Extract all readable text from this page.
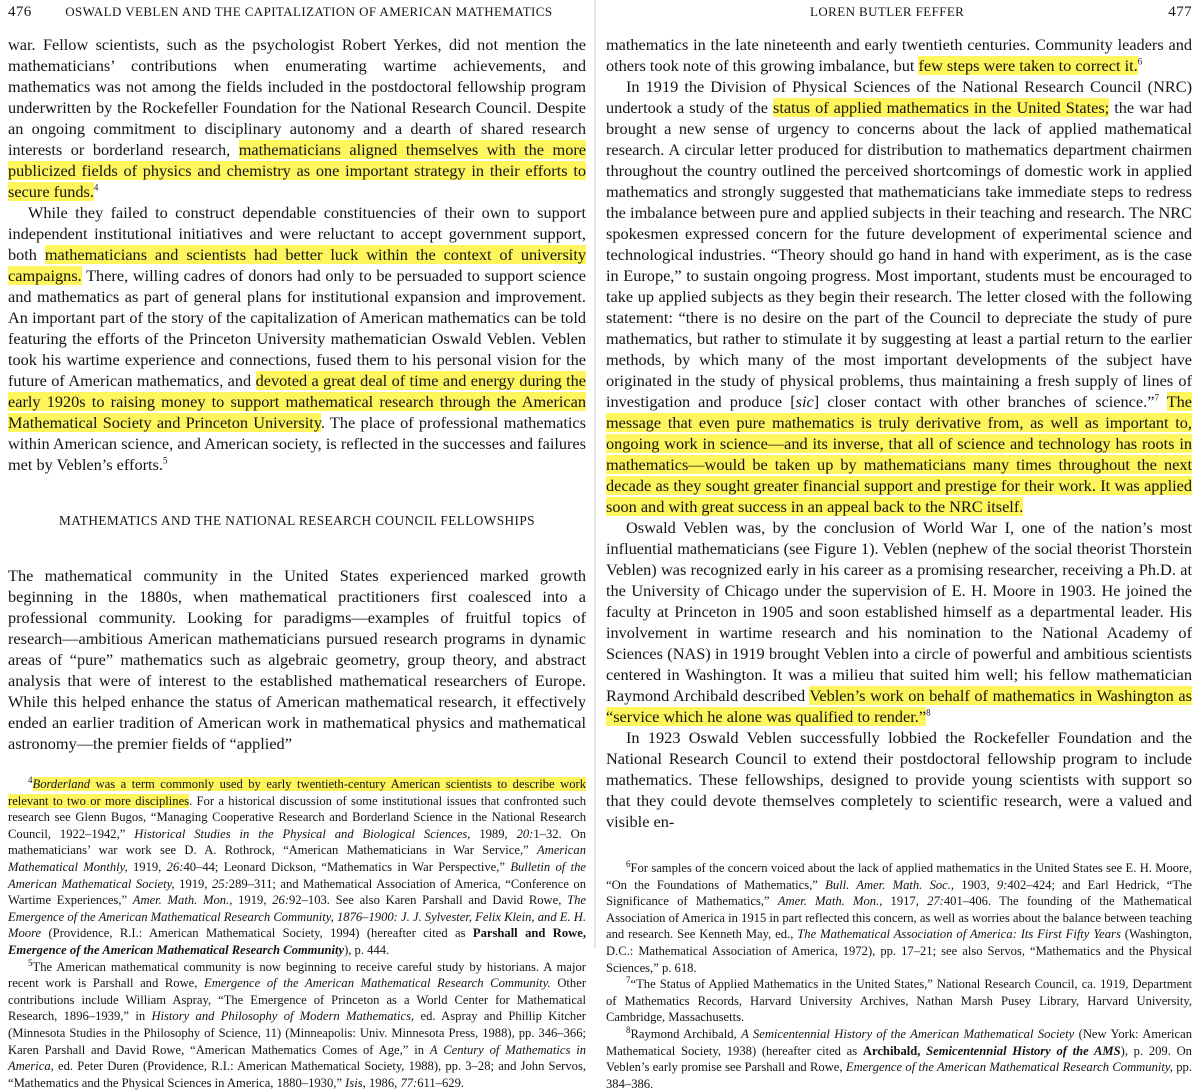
476	OSWALD VEBLEN AND THE CAPITALIZATION OF AMERICAN MATHEMATICS

war. Fellow scientists, such as the psychologist Robert Yerkes, did not mention the mathematicians’ contributions when enumerating wartime achievements, and mathematics was not among the fields included in the postdoctoral fellowship program underwritten by the Rockefeller Foundation for the National Research Council. Despite an ongoing commitment to disciplinary autonomy and a dearth of shared research interests or borderland research, mathematicians aligned themselves with the more publicized fields of physics and chemistry as one important strategy in their efforts to secure funds.$^4$

While they failed to construct dependable constituencies of their own to support independent institutional initiatives and were reluctant to accept government support, both mathematicians and scientists had better luck within the context of university campaigns. There, willing cadres of donors had only to be persuaded to support science and mathematics as part of general plans for institutional expansion and improvement. An important part of the story of the capitalization of American mathematics can be told featuring the efforts of the Princeton University mathematician Oswald Veblen. Veblen took his wartime experience and connections, fused them to his personal vision for the future of American mathematics, and devoted a great deal of time and energy during the early 1920s to raising money to support mathematical research through the American Mathematical Society and Princeton University. The place of professional mathematics within American science, and American society, is reflected in the successes and failures met by Veblen’s efforts.$^5$

MATHEMATICS AND THE NATIONAL RESEARCH COUNCIL FELLOWSHIPS

The mathematical community in the United States experienced marked growth beginning in the 1880s, when mathematical practitioners first coalesced into a professional community. Looking for paradigms—examples of fruitful topics of research—ambitious American mathematicians pursued research programs in dynamic areas of “pure” mathematics such as algebraic geometry, group theory, and abstract analysis that were of interest to the established mathematical researchers of Europe. While this helped enhance the status of American mathematical research, it effectively ended an earlier tradition of American work in mathematical physics and mathematical astronomy—the premier fields of “applied”

$^4$Borderland was a term commonly used by early twentieth-century American scientists to describe work relevant to two or more disciplines. For a historical discussion of some institutional issues that confronted such research see Glenn Bugos, “Managing Cooperative Research and Borderland Science in the National Research Council, 1922–1942,” Historical Studies in the Physical and Biological Sciences, 1989, 20:1–32. On mathematicians’ war work see D. A. Rothrock, “American Mathematicians in War Service,” American Mathematical Monthly, 1919, 26:40–44; Leonard Dickson, “Mathematics in War Perspective,” Bulletin of the American Mathematical Society, 1919, 25:289–311; and Mathematical Association of America, “Conference on Wartime Experiences,” Amer. Math. Mon., 1919, 26:92–103. See also Karen Parshall and David Rowe, The Emergence of the American Mathematical Research Community, 1876–1900: J. J. Sylvester, Felix Klein, and E. H. Moore (Providence, R.I.: American Mathematical Society, 1994) (hereafter cited as Parshall and Rowe, Emergence of the American Mathematical Research Community), p. 444.

$^5$The American mathematical community is now beginning to receive careful study by historians. A major recent work is Parshall and Rowe, Emergence of the American Mathematical Research Community. Other contributions include William Aspray, “The Emergence of Princeton as a World Center for Mathematical Research, 1896–1939,” in History and Philosophy of Modern Mathematics, ed. Aspray and Phillip Kitcher (Minnesota Studies in the Philosophy of Science, 11) (Minneapolis: Univ. Minnesota Press, 1988), pp. 346–366; Karen Parshall and David Rowe, “American Mathematics Comes of Age,” in A Century of Mathematics in America, ed. Peter Duren (Providence, R.I.: American Mathematical Society, 1988), pp. 3–28; and John Servos, “Mathematics and the Physical Sciences in America, 1880–1930,” Isis, 1986, 77:611–629.

LOREN BUTLER FEFFER	477

mathematics in the late nineteenth and early twentieth centuries. Community leaders and others took note of this growing imbalance, but few steps were taken to correct it.$^6$

In 1919 the Division of Physical Sciences of the National Research Council (NRC) undertook a study of the status of applied mathematics in the United States; the war had brought a new sense of urgency to concerns about the lack of applied mathematical research. A circular letter produced for distribution to mathematics department chairmen throughout the country outlined the perceived shortcomings of domestic work in applied mathematics and strongly suggested that mathematicians take immediate steps to redress the imbalance between pure and applied subjects in their teaching and research. The NRC spokesmen expressed concern for the future development of experimental science and technological industries. “Theory should go hand in hand with experiment, as is the case in Europe,” to sustain ongoing progress. Most important, students must be encouraged to take up applied subjects as they begin their research. The letter closed with the following statement: “there is no desire on the part of the Council to depreciate the study of pure mathematics, but rather to stimulate it by suggesting at least a partial return to the earlier methods, by which many of the most important developments of the subject have originated in the study of physical problems, thus maintaining a fresh supply of lines of investigation and produce [sic] closer contact with other branches of science.”$^7$ The message that even pure mathematics is truly derivative from, as well as important to, ongoing work in science—and its inverse, that all of science and technology has roots in mathematics—would be taken up by mathematicians many times throughout the next decade as they sought greater financial support and prestige for their work. It was applied soon and with great success in an appeal back to the NRC itself.

Oswald Veblen was, by the conclusion of World War I, one of the nation’s most influential mathematicians (see Figure 1). Veblen (nephew of the social theorist Thorstein Veblen) was recognized early in his career as a promising researcher, receiving a Ph.D. at the University of Chicago under the supervision of E. H. Moore in 1903. He joined the faculty at Princeton in 1905 and soon established himself as a departmental leader. His involvement in wartime research and his nomination to the National Academy of Sciences (NAS) in 1919 brought Veblen into a circle of powerful and ambitious scientists centered in Washington. It was a milieu that suited him well; his fellow mathematician Raymond Archibald described Veblen’s work on behalf of mathematics in Washington as “service which he alone was qualified to render.”$^8$

In 1923 Oswald Veblen successfully lobbied the Rockefeller Foundation and the National Research Council to extend their postdoctoral fellowship program to include mathematics. These fellowships, designed to provide young scientists with support so that they could devote themselves completely to scientific research, were a valued and visible en-

$^6$For samples of the concern voiced about the lack of applied mathematics in the United States see E. H. Moore, “On the Foundations of Mathematics,” Bull. Amer. Math. Soc., 1903, 9:402–424; and Earl Hedrick, “The Significance of Mathematics,” Amer. Math. Mon., 1917, 27:401–406. The founding of the Mathematical Association of America in 1915 in part reflected this concern, as well as worries about the balance between teaching and research. See Kenneth May, ed., The Mathematical Association of America: Its First Fifty Years (Washington, D.C.: Mathematical Association of America, 1972), pp. 17–21; see also Servos, “Mathematics and the Physical Sciences,” p. 618.

$^7$“The Status of Applied Mathematics in the United States,” National Research Council, ca. 1919, Department of Mathematics Records, Harvard University Archives, Nathan Marsh Pusey Library, Harvard University, Cambridge, Massachusetts.

$^8$Raymond Archibald, A Semicentennial History of the American Mathematical Society (New York: American Mathematical Society, 1938) (hereafter cited as Archibald, Semicentennial History of the AMS), p. 209. On Veblen’s early promise see Parshall and Rowe, Emergence of the American Mathematical Research Community, pp. 384–386.
